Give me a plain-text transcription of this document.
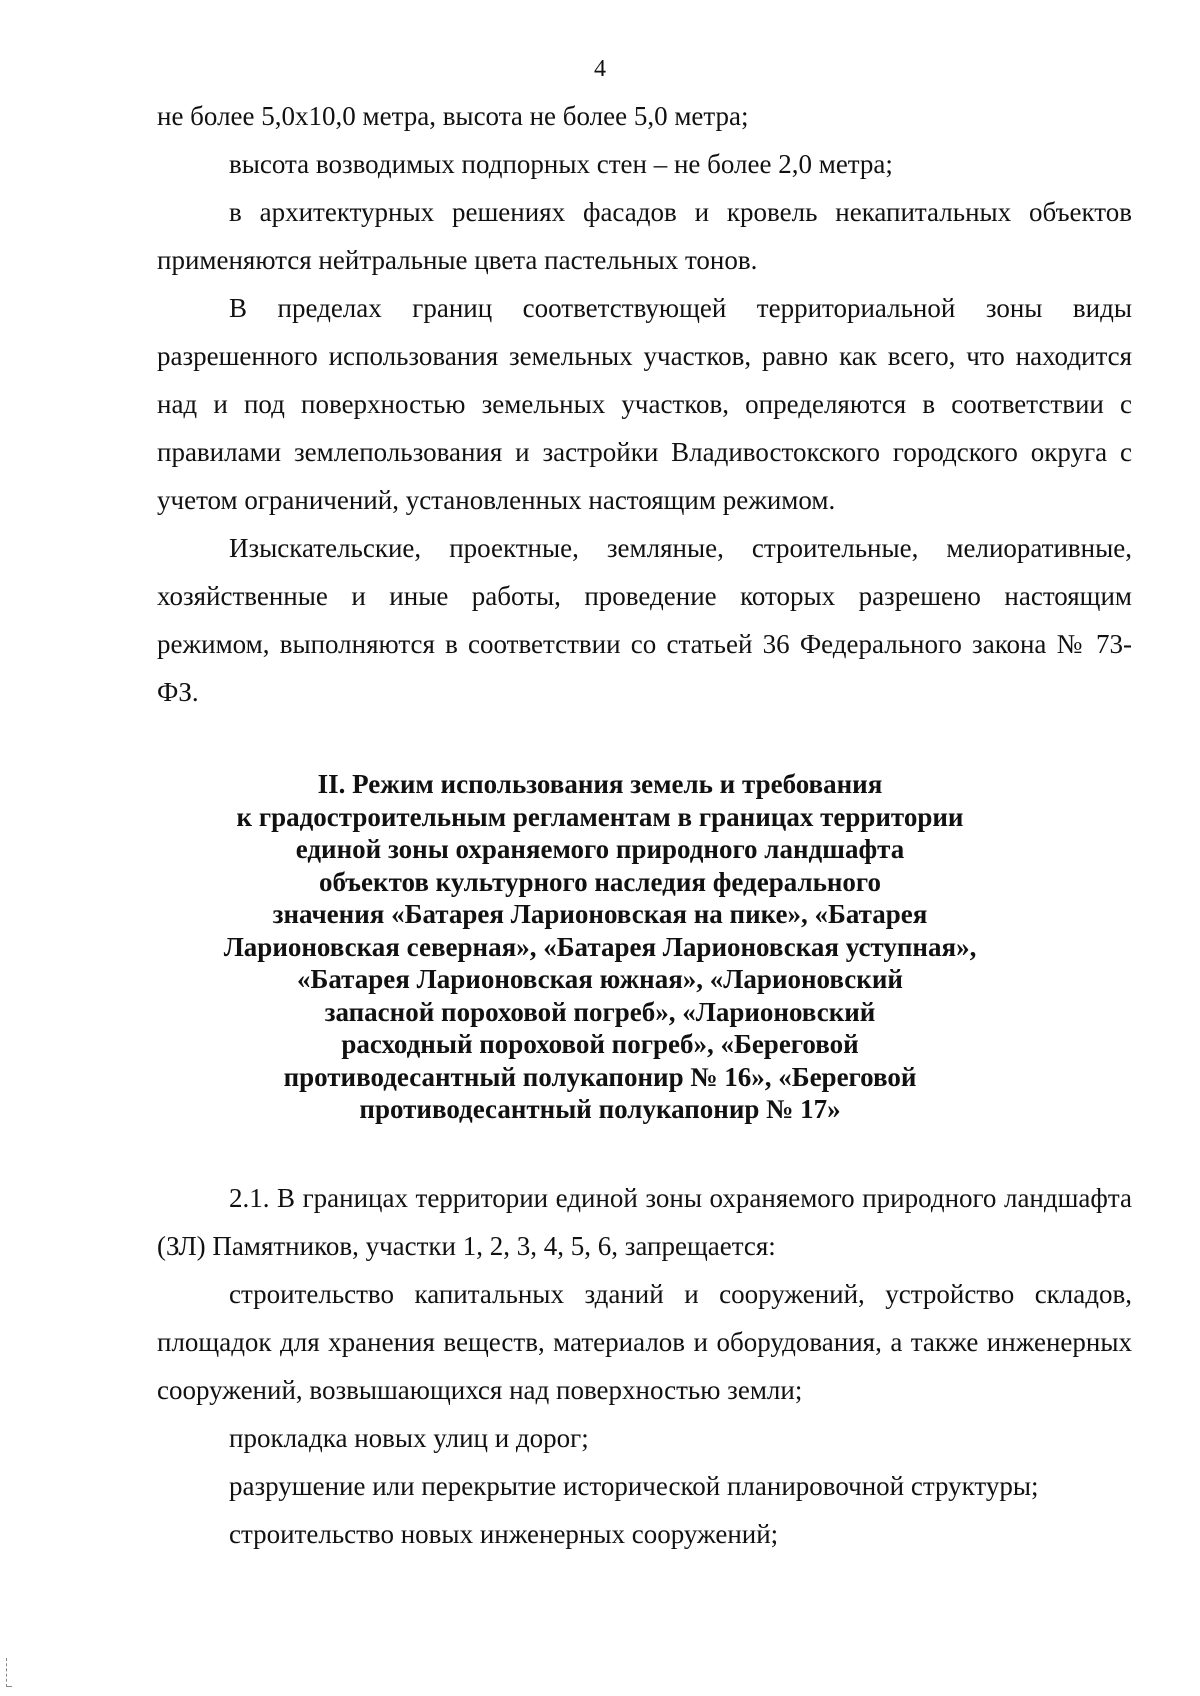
4

не более 5,0х10,0 метра, высота не более 5,0 метра;

высота возводимых подпорных стен – не более 2,0 метра;

в архитектурных решениях фасадов и кровель некапитальных объектов применяются нейтральные цвета пастельных тонов.

В пределах границ соответствующей территориальной зоны виды разрешенного использования земельных участков, равно как всего, что находится над и под поверхностью земельных участков, определяются в соответствии с правилами землепользования и застройки Владивостокского городского округа с учетом ограничений, установленных настоящим режимом.

Изыскательские, проектные, земляные, строительные, мелиоративные, хозяйственные и иные работы, проведение которых разрешено настоящим режимом, выполняются в соответствии со статьей 36 Федерального закона № 73-ФЗ.

II. Режим использования земель и требования
к градостроительным регламентам в границах территории
единой зоны охраняемого природного ландшафта
объектов культурного наследия федерального
значения «Батарея Ларионовская на пике», «Батарея
Ларионовская северная», «Батарея Ларионовская уступная»,
«Батарея Ларионовская южная», «Ларионовский
запасной пороховой погреб», «Ларионовский
расходный пороховой погреб», «Береговой
противодесантный полукапонир № 16», «Береговой
противодесантный полукапонир № 17»

2.1. В границах территории единой зоны охраняемого природного ландшафта (ЗЛ) Памятников, участки 1, 2, 3, 4, 5, 6, запрещается:

строительство капитальных зданий и сооружений, устройство складов, площадок для хранения веществ, материалов и оборудования, а также инженерных сооружений, возвышающихся над поверхностью земли;

прокладка новых улиц и дорог;

разрушение или перекрытие исторической планировочной структуры;

строительство новых инженерных сооружений;
